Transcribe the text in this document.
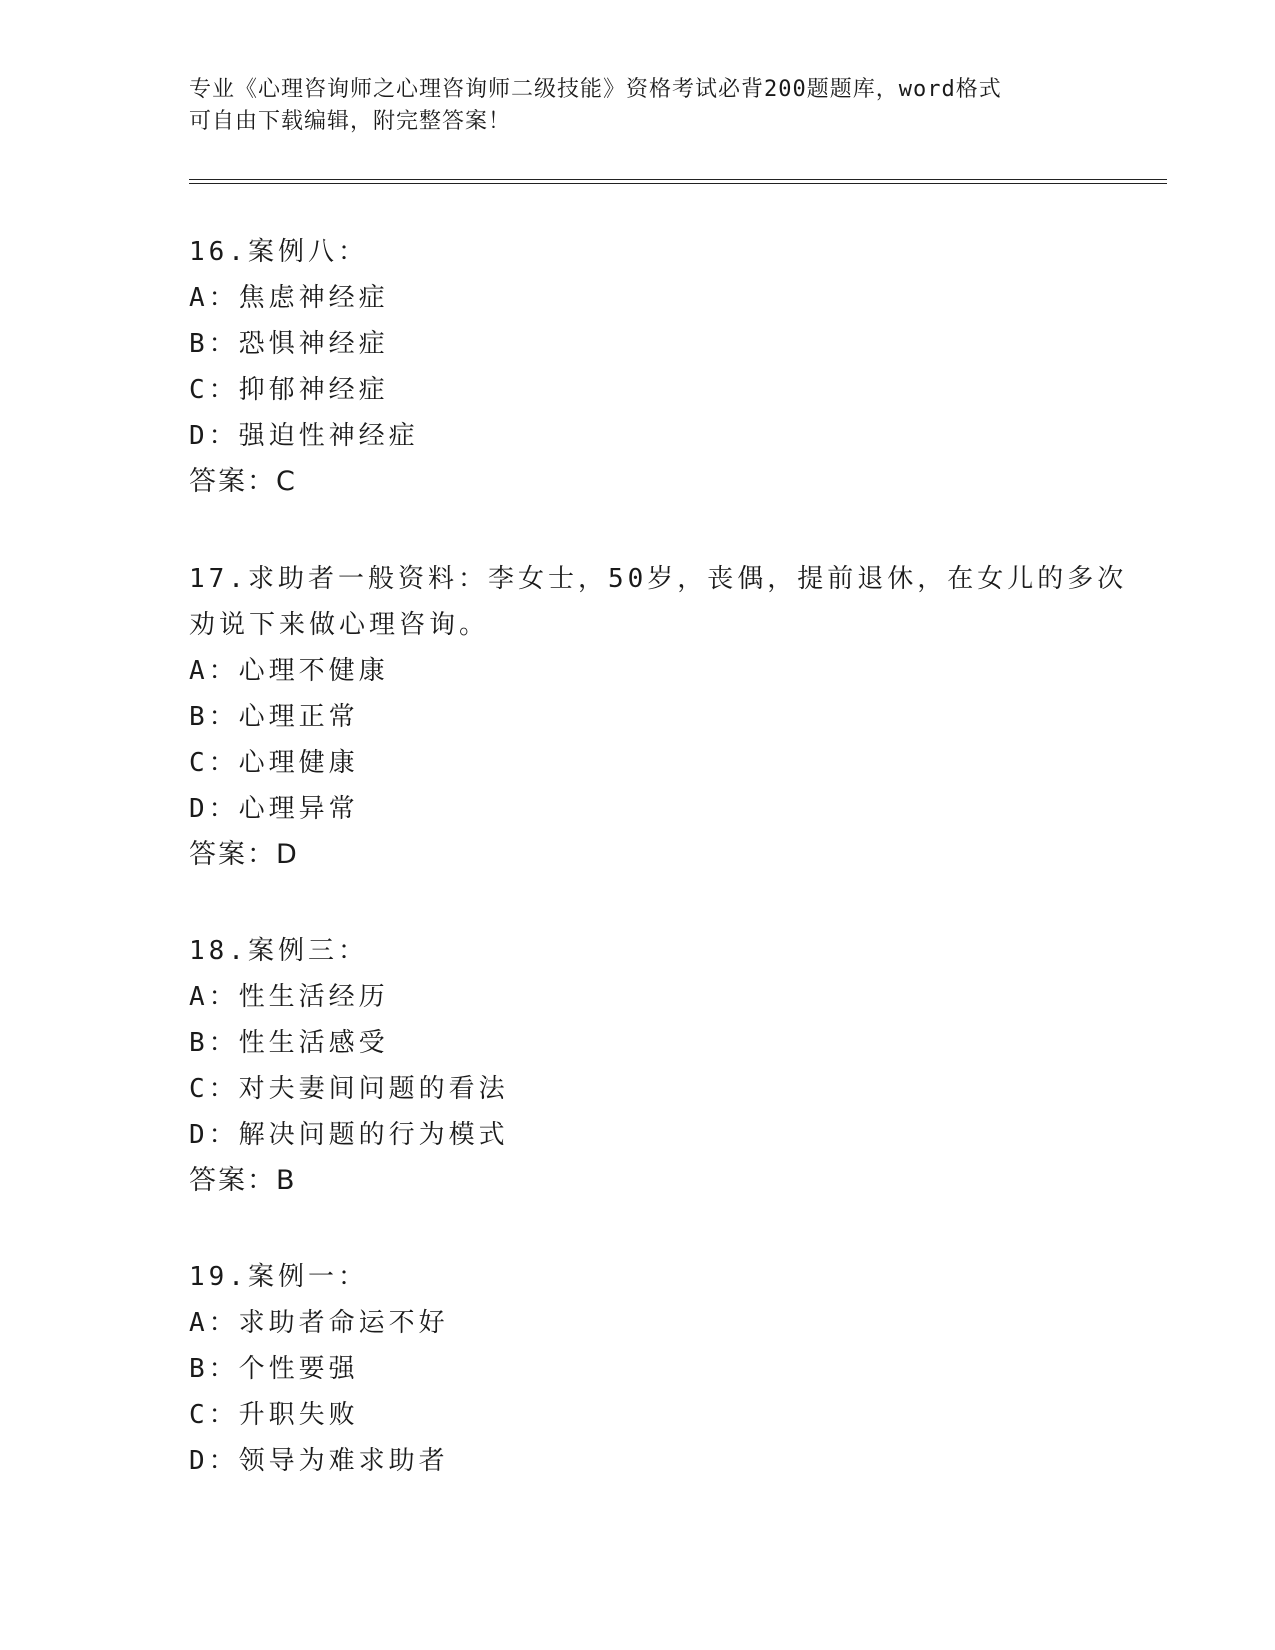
专业《心理咨询师之心理咨询师二级技能》资格考试必背200题题库，word格式
可自由下载编辑，附完整答案！
16.案例八：
A：焦虑神经症
B：恐惧神经症
C：抑郁神经症
D：强迫性神经症
答案：C
17.求助者一般资料：李女士，50岁，丧偶，提前退休，在女儿的多次
劝说下来做心理咨询。
A：心理不健康
B：心理正常
C：心理健康
D：心理异常
答案：D
18.案例三：
A：性生活经历
B：性生活感受
C：对夫妻间问题的看法
D：解决问题的行为模式
答案：B
19.案例一：
A：求助者命运不好
B：个性要强
C：升职失败
D：领导为难求助者
